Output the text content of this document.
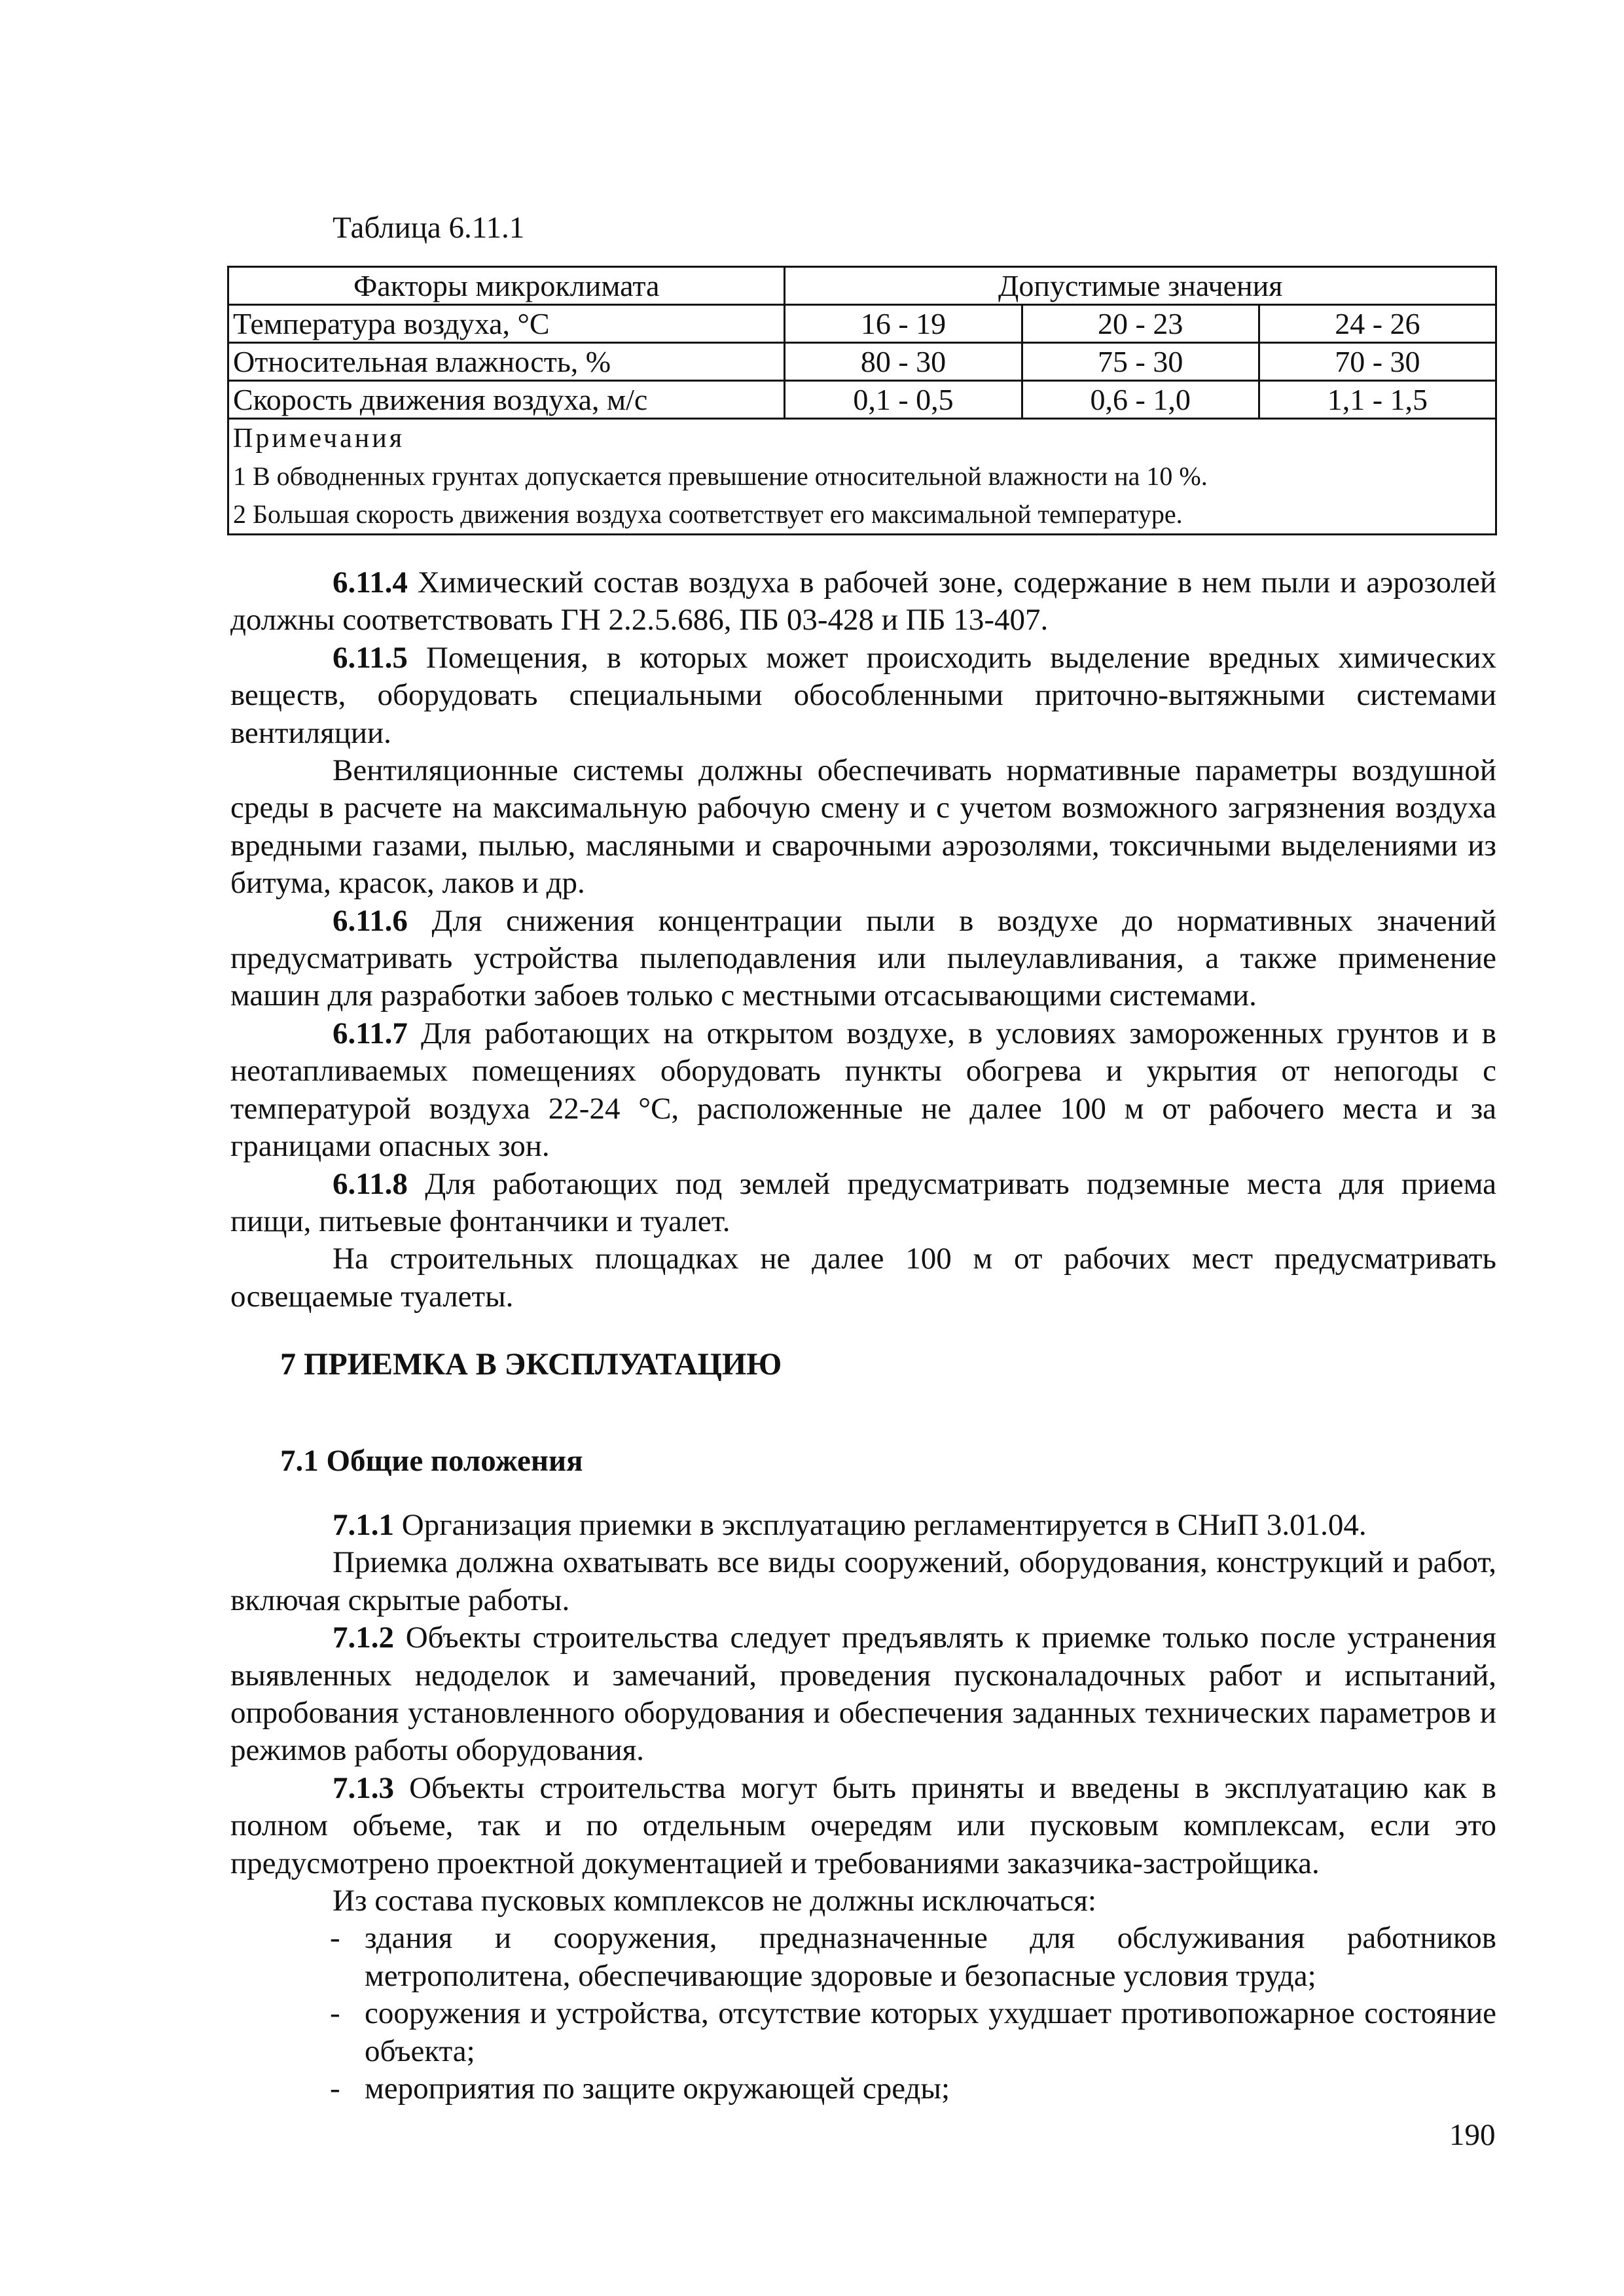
Таблица 6.11.1
Факторы микроклимата	Допустимые значения		
Температура воздуха, °С	16 - 19	20 - 23	24 - 26
Относительная влажность, %	80 - 30	75 - 30	70 - 30
Скорость движения воздуха, м/с	0,1 - 0,5	0,6 - 1,0	1,1 - 1,5

Примечания
1 В обводненных грунтах допускается превышение относительной влажности на 10 %.
2 Большая скорость движения воздуха соответствует его максимальной температуре.			

6.11.4 Химический состав воздуха в рабочей зоне, содержание в нем пыли и аэрозолей должны соответствовать ГН 2.2.5.686, ПБ 03-428 и ПБ 13-407.

6.11.5 Помещения, в которых может происходить выделение вредных химических веществ, оборудовать специальными обособленными приточно-вытяжными системами вентиляции.

Вентиляционные системы должны обеспечивать нормативные параметры воздушной среды в расчете на максимальную рабочую смену и с учетом возможного загрязнения воздуха вредными газами, пылью, масляными и сварочными аэрозолями, токсичными выделениями из битума, красок, лаков и др.

6.11.6 Для снижения концентрации пыли в воздухе до нормативных значений предусматривать устройства пылеподавления или пылеулавливания, а также применение машин для разработки забоев только с местными отсасывающими системами.

6.11.7 Для работающих на открытом воздухе, в условиях замороженных грунтов и в неотапливаемых помещениях оборудовать пункты обогрева и укрытия от непогоды с температурой воздуха 22-24 °С, расположенные не далее 100 м от рабочего места и за границами опасных зон.

6.11.8 Для работающих под землей предусматривать подземные места для приема пищи, питьевые фонтанчики и туалет.

На строительных площадках не далее 100 м от рабочих мест предусматривать освещаемые туалеты.

7 ПРИЕМКА В ЭКСПЛУАТАЦИЮ
7.1 Общие положения

7.1.1 Организация приемки в эксплуатацию регламентируется в СНиП 3.01.04.

Приемка должна охватывать все виды сооружений, оборудования, конструкций и работ, включая скрытые работы.

7.1.2 Объекты строительства следует предъявлять к приемке только после устранения выявленных недоделок и замечаний, проведения пусконаладочных работ и испытаний, опробования установленного оборудования и обеспечения заданных технических параметров и режимов работы оборудования.

7.1.3 Объекты строительства могут быть приняты и введены в эксплуатацию как в полном объеме, так и по отдельным очередям или пусковым комплексам, если это предусмотрено проектной документацией и требованиями заказчика-застройщика.

Из состава пусковых комплексов не должны исключаться:

- здания и сооружения, предназначенные для обслуживания работников метрополитена, обеспечивающие здоровые и безопасные условия труда;
- сооружения и устройства, отсутствие которых ухудшает противопожарное состояние объекта;
- мероприятия по защите окружающей среды;
190
